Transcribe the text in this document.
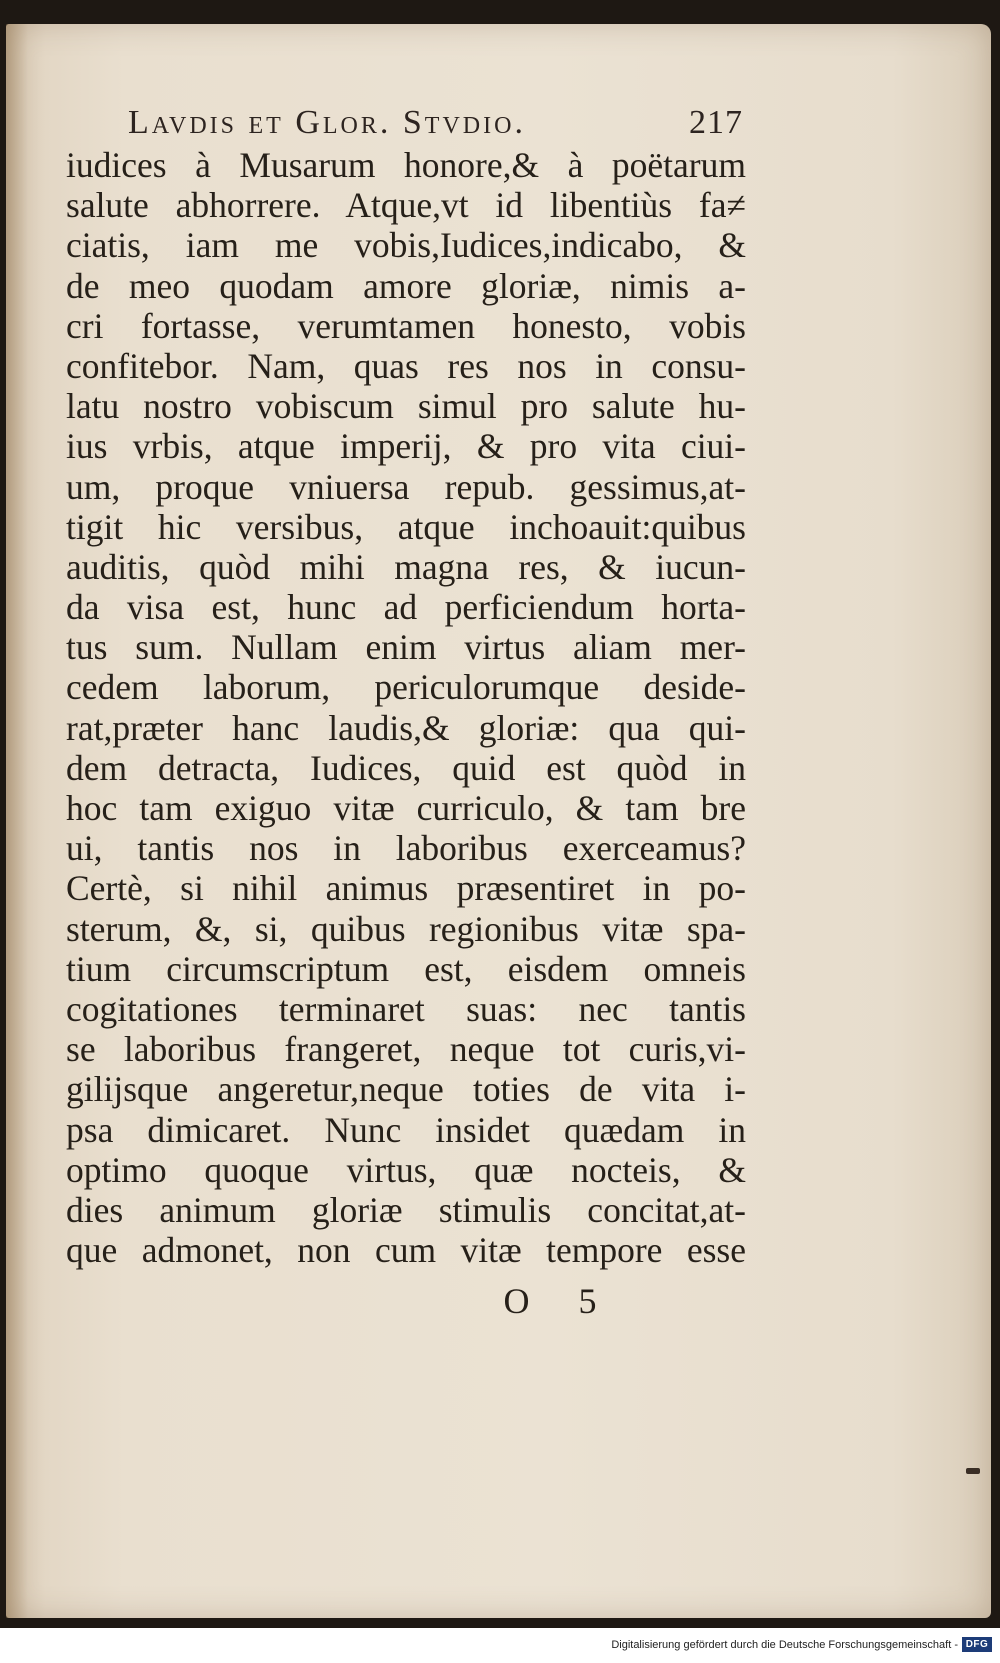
Lavdis et Glor. Stvdio.	217
iudices à Musarum honore,& à poëtarum
salute abhorrere. Atque,vt id libentiùs fa≠
ciatis, iam me vobis,Iudices,indicabo, &
de meo quodam amore gloriæ, nimis a-
cri fortasse, verumtamen honesto, vobis
confitebor. Nam, quas res nos in consu-
latu nostro vobiscum simul pro salute hu-
ius vrbis, atque imperij, & pro vita ciui-
um, proque vniuersa repub. gessimus,at-
tigit hic versibus, atque inchoauit:quibus
auditis, quòd mihi magna res, & iucun-
da visa est, hunc ad perficiendum horta-
tus sum. Nullam enim virtus aliam mer-
cedem laborum, periculorumque deside-
rat,præter hanc laudis,& gloriæ: qua qui-
dem detracta, Iudices, quid est quòd in
hoc tam exiguo vitæ curriculo, & tam bre
ui, tantis nos in laboribus exerceamus?
Certè, si nihil animus præsentiret in po-
sterum, &, si, quibus regionibus vitæ spa-
tium circumscriptum est, eisdem omneis
cogitationes terminaret suas: nec tantis
se laboribus frangeret, neque tot curis,vi-
gilijsque angeretur,neque toties de vita i-
psa dimicaret. Nunc insidet quædam in
optimo quoque virtus, quæ nocteis, &
dies animum gloriæ stimulis concitat,at-
que admonet, non cum vitæ tempore esse
O 5
Digitalisierung gefördert durch die Deutsche Forschungsgemeinschaft - DFG
